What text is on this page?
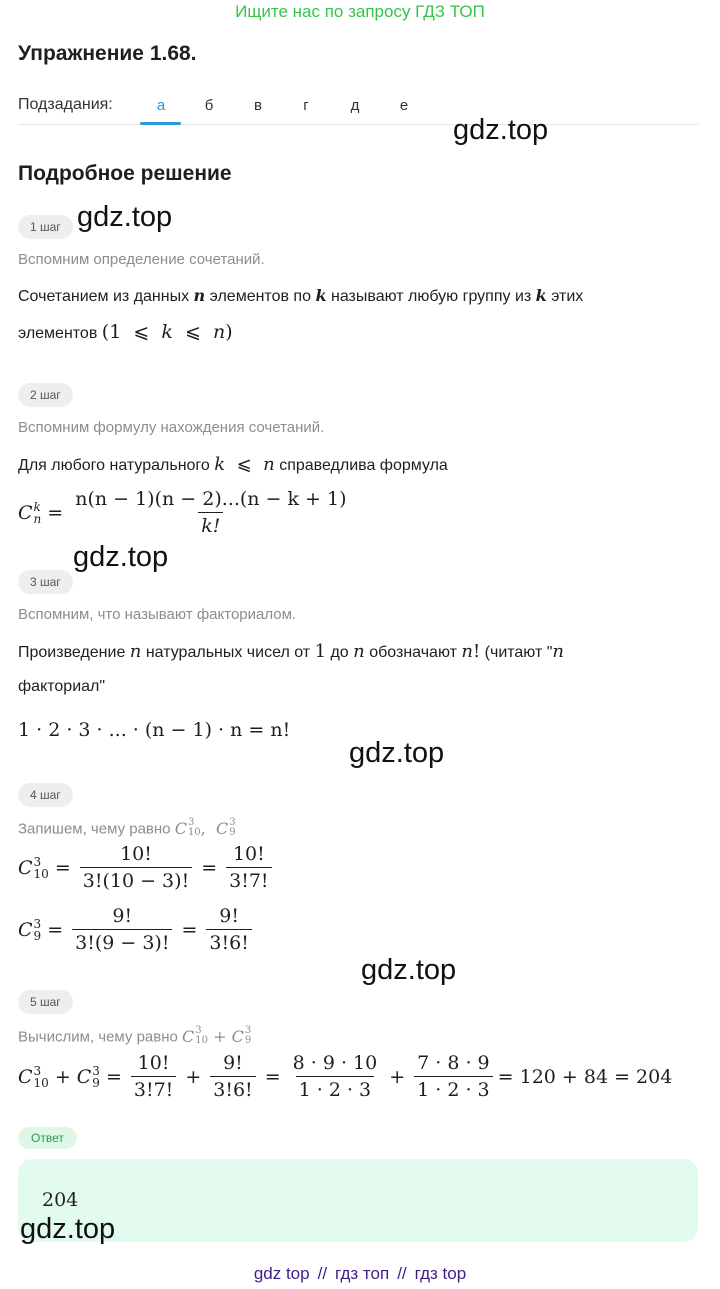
Ищите нас по запросу ГДЗ ТОП
Упражнение 1.68.
Подзадания:	а	б	в	г	д	е
gdz.top
Подробное решение
1 шаг gdz.top
Вспомним определение сочетаний.
Сочетанием из данных n элементов по k называют любую группу из k этих
элементов (1  ⩽  k  ⩽  n)
2 шаг
Вспомним формулу нахождения сочетаний.
Для любого натурального k  ⩽  n справедлива формула
C k
$n = \frac{n(n - 1)(n - 2)...(n - k + 1)}{k!}$
gdz.top
3 шаг
Вспомним, что называют факториалом.
Произведение n натуральных чисел от 1 до n обозначают n! (читают "n
факториал"
1 · 2 · 3 · ... · (n − 1) · n = n!
gdz.top
4 шаг
Запишем, чему равно C 3
10 ,  C 3
9
C 3
$10 = \frac{10!}{3!(10 - 3)!} = \frac{10!}{3!7!}$
C 3
$9 = \frac{9!}{3!(9 - 3)!} = \frac{9!}{3!6!}$
gdz.top
5 шаг
Вычислим, чему равно C 3
10 + C 3
9
C 3
10 + C 3
$9 = \frac{10!}{3!7!} + \frac{9!}{3!6!} = \frac{8 \cdot 9 \cdot 10}{1 \cdot 2 \cdot 3} + \frac{7 \cdot 8 \cdot 9}{1 \cdot 2 \cdot 3} = 120 + 84 = 204$
Ответ
204
gdz.top
gdz top // гдз топ // гдз top
